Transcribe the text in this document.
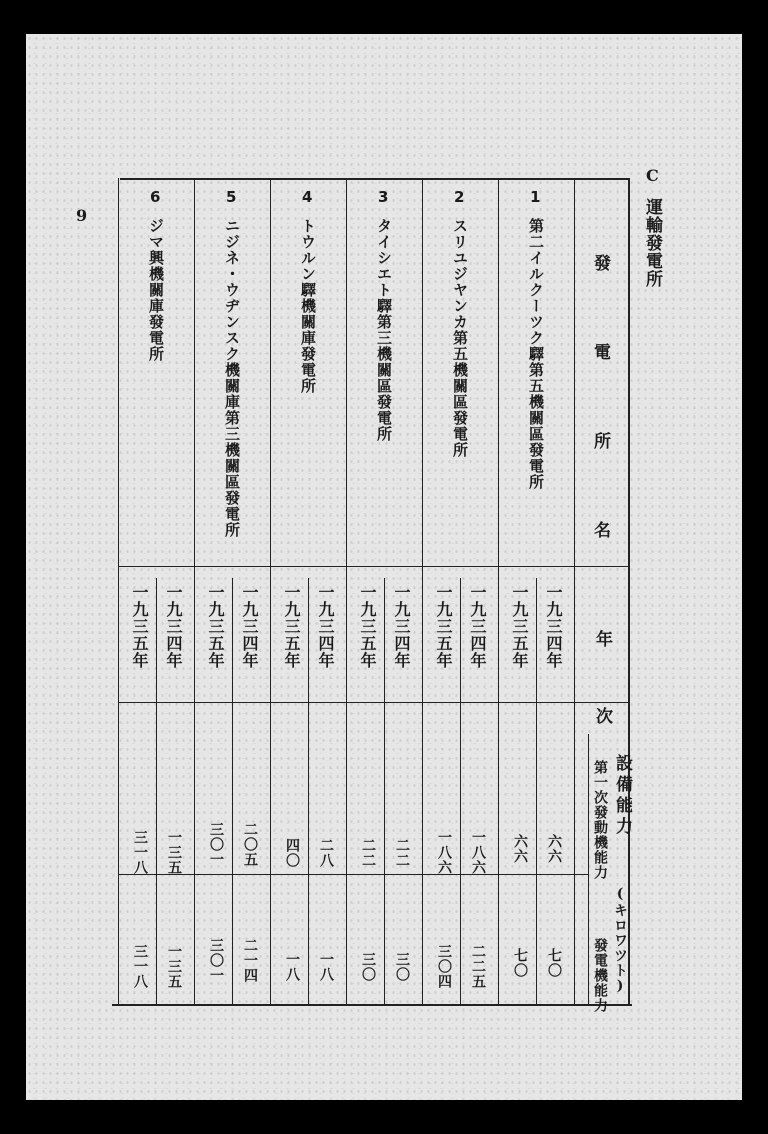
9
C
運輸發電所
發 電 所 名
年 次
設備能力
(キロワツト)
第一次發動機能力
發電機能力
1
第二イルクーツク驛第五機關區發電所
一九三四年
一九三五年
六六
六六
七〇
七〇
2
スリユジヤンカ第五機關區發電所
一九三四年
一九三五年
一八六
一八六
二二五
三〇四
3
タイシエト驛第三機關區發電所
一九三四年
一九三五年
二二
二二
三〇
三〇
4
トウルン驛機關庫發電所
一九三四年
一九三五年
二八
四〇
一八
一八
5
ニジネ・ウヂンスク機關庫第三機關區發電所
一九三四年
一九三五年
二〇五
三〇一
二一四
三〇一
6
ジマ興機關庫發電所
一九三四年
一九三五年
一三五
三一八
一三五
三一八
